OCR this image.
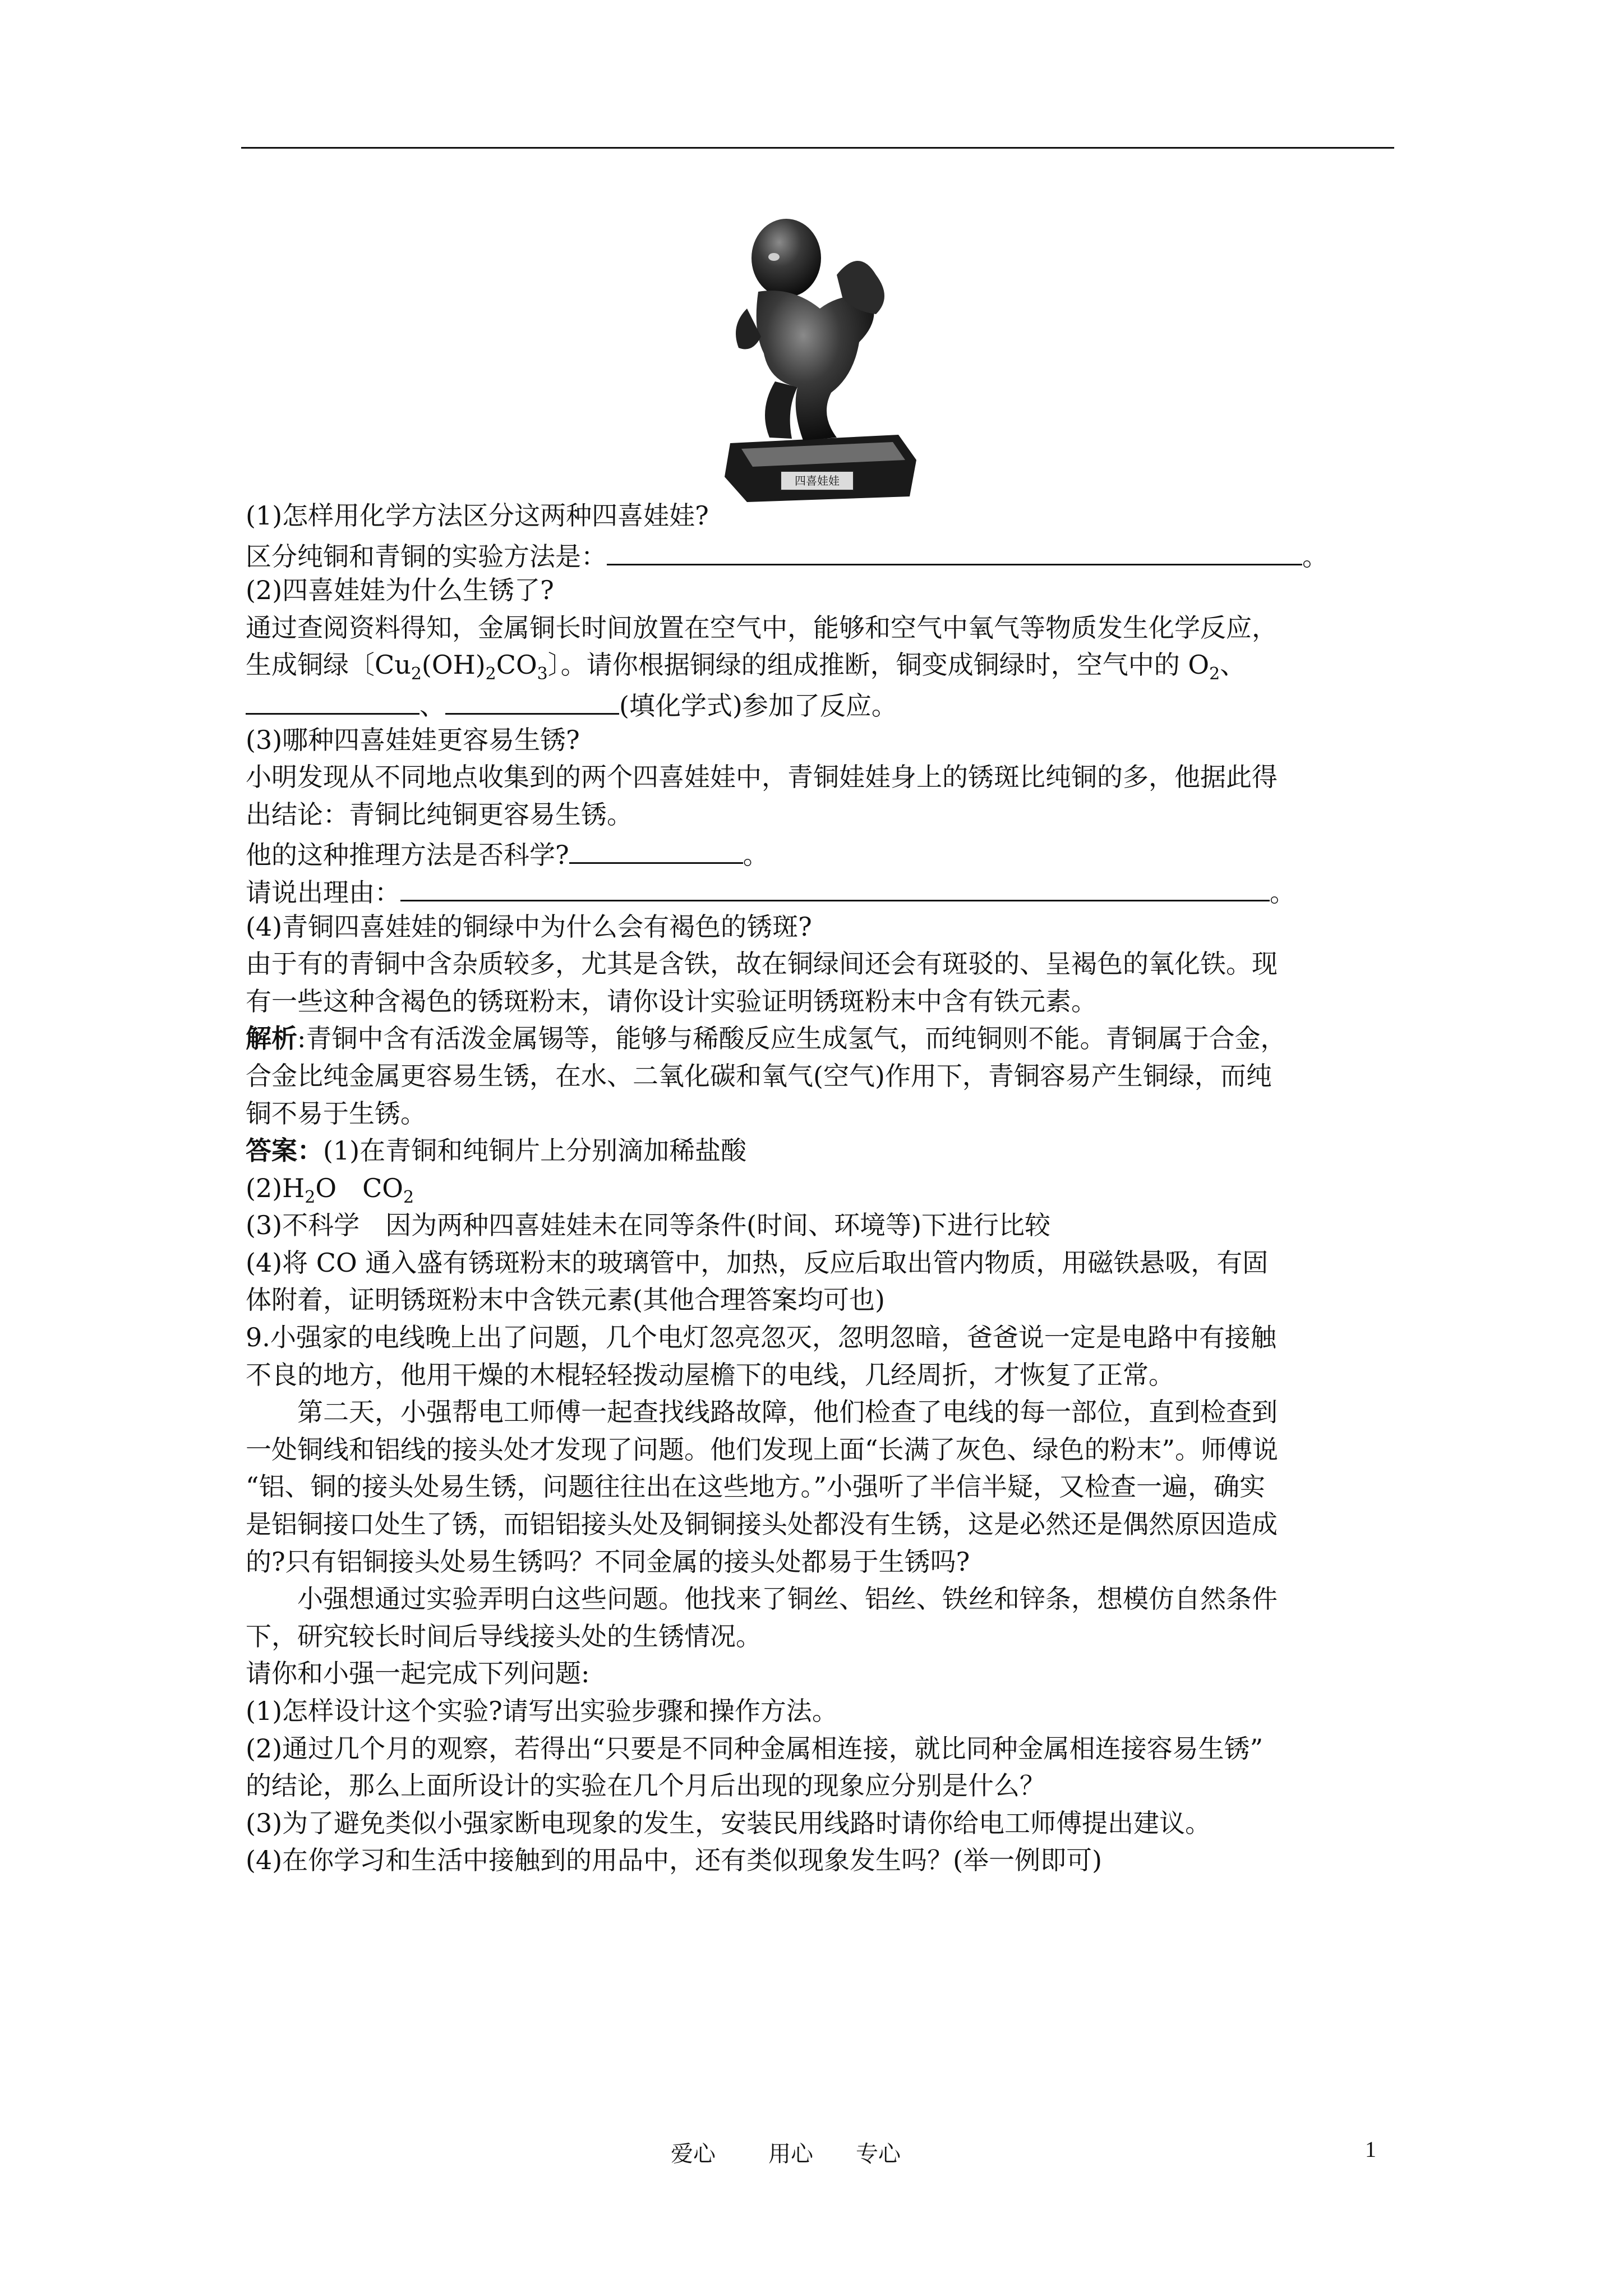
四喜娃娃
(1)怎样用化学方法区分这两种四喜娃娃?
区分纯铜和青铜的实验方法是：	。
(2)四喜娃娃为什么生锈了?
通过查阅资料得知，金属铜长时间放置在空气中，能够和空气中氧气等物质发生化学反应，
生成铜绿〔$Cu_2(OH)_2CO_3$〕。请你根据铜绿的组成推断，铜变成铜绿时，空气中的 $O_2$、
、	(填化学式)参加了反应。
(3)哪种四喜娃娃更容易生锈?
小明发现从不同地点收集到的两个四喜娃娃中，青铜娃娃身上的锈斑比纯铜的多，他据此得
出结论：青铜比纯铜更容易生锈。
他的这种推理方法是否科学?	。
请说出理由：	。
(4)青铜四喜娃娃的铜绿中为什么会有褐色的锈斑?
由于有的青铜中含杂质较多，尤其是含铁，故在铜绿间还会有斑驳的、呈褐色的氧化铁。现
有一些这种含褐色的锈斑粉末，请你设计实验证明锈斑粉末中含有铁元素。
解析:青铜中含有活泼金属锡等，能够与稀酸反应生成氢气，而纯铜则不能。青铜属于合金，
合金比纯金属更容易生锈，在水、二氧化碳和氧气(空气)作用下，青铜容易产生铜绿，而纯
铜不易于生锈。
答案：(1)在青铜和纯铜片上分别滴加稀盐酸
$(2)H_2O$　$CO_2$
(3)不科学　因为两种四喜娃娃未在同等条件(时间、环境等)下进行比较
(4)将 CO 通入盛有锈斑粉末的玻璃管中，加热，反应后取出管内物质，用磁铁悬吸，有固
体附着，证明锈斑粉末中含铁元素(其他合理答案均可也)
9.小强家的电线晚上出了问题，几个电灯忽亮忽灭，忽明忽暗，爸爸说一定是电路中有接触
不良的地方，他用干燥的木棍轻轻拨动屋檐下的电线，几经周折，才恢复了正常。
第二天，小强帮电工师傅一起查找线路故障，他们检查了电线的每一部位，直到检查到
一处铜线和铝线的接头处才发现了问题。他们发现上面“长满了灰色、绿色的粉末”。师傅说
“铝、铜的接头处易生锈，问题往往出在这些地方。”小强听了半信半疑，又检查一遍，确实
是铝铜接口处生了锈，而铝铝接头处及铜铜接头处都没有生锈，这是必然还是偶然原因造成
的?只有铝铜接头处易生锈吗？不同金属的接头处都易于生锈吗?
小强想通过实验弄明白这些问题。他找来了铜丝、铝丝、铁丝和锌条，想模仿自然条件
下，研究较长时间后导线接头处的生锈情况。
请你和小强一起完成下列问题:
(1)怎样设计这个实验?请写出实验步骤和操作方法。
(2)通过几个月的观察，若得出“只要是不同种金属相连接，就比同种金属相连接容易生锈”
的结论，那么上面所设计的实验在几个月后出现的现象应分别是什么？
(3)为了避免类似小强家断电现象的发生，安装民用线路时请你给电工师傅提出建议。
(4)在你学习和生活中接触到的用品中，还有类似现象发生吗？(举一例即可)
爱心 用心 专心	1
